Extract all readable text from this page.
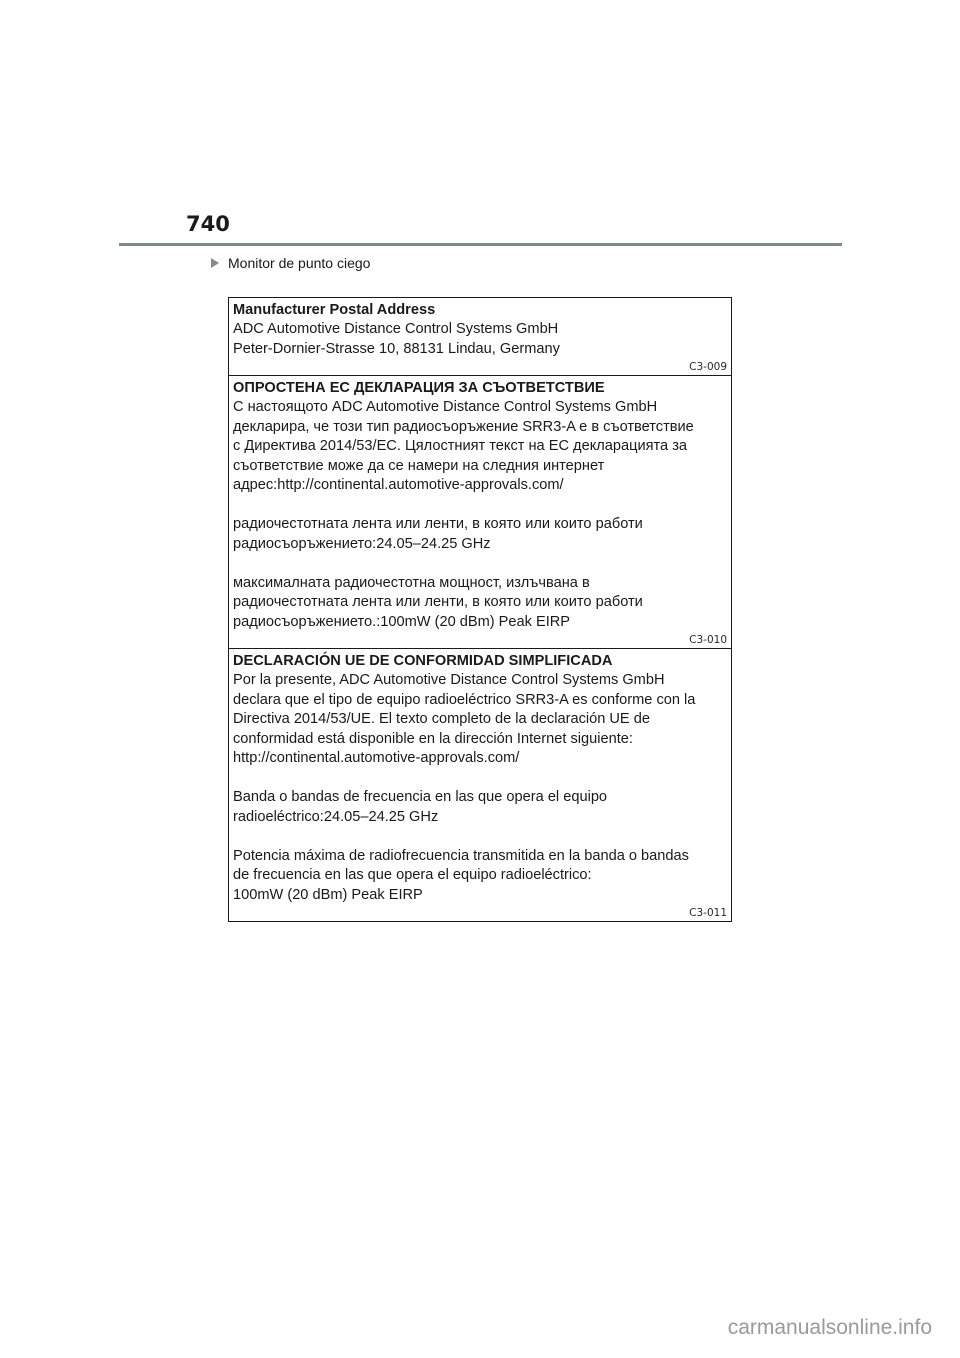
740
Monitor de punto ciego
Manufacturer Postal Address
ADC Automotive Distance Control Systems GmbH
Peter-Dornier-Strasse 10, 88131 Lindau, Germany
C3-009
ОПРОСТЕНА ЕС ДЕКЛАРАЦИЯ ЗА СЪОТВЕТСТВИЕ
С настоящото ADC Automotive Distance Control Systems GmbH
декларира, че този тип радиосъоръжение SRR3-A е в съответствие
с Директива 2014/53/ЕС. Цялостният текст на ЕС декларацията за
съответствие може да се намери на следния интернет
адрес:http://continental.automotive-approvals.com/
радиочестотната лента или ленти, в която или които работи
радиосъоръжението:24.05–24.25 GHz
максималната радиочестотна мощност, излъчвана в
радиочестотната лента или ленти, в която или които работи
радиосъоръжението.:100mW (20 dBm) Peak EIRP
C3-010
DECLARACIÓN UE DE CONFORMIDAD SIMPLIFICADA
Por la presente, ADC Automotive Distance Control Systems GmbH
declara que el tipo de equipo radioeléctrico SRR3-A es conforme con la
Directiva 2014/53/UE. El texto completo de la declaración UE de
conformidad está disponible en la dirección Internet siguiente:
http://continental.automotive-approvals.com/
Banda o bandas de frecuencia en las que opera el equipo
radioeléctrico:24.05–24.25 GHz
Potencia máxima de radiofrecuencia transmitida en la banda o bandas
de frecuencia en las que opera el equipo radioeléctrico:
100mW (20 dBm) Peak EIRP
C3-011
carmanualsonline.info
